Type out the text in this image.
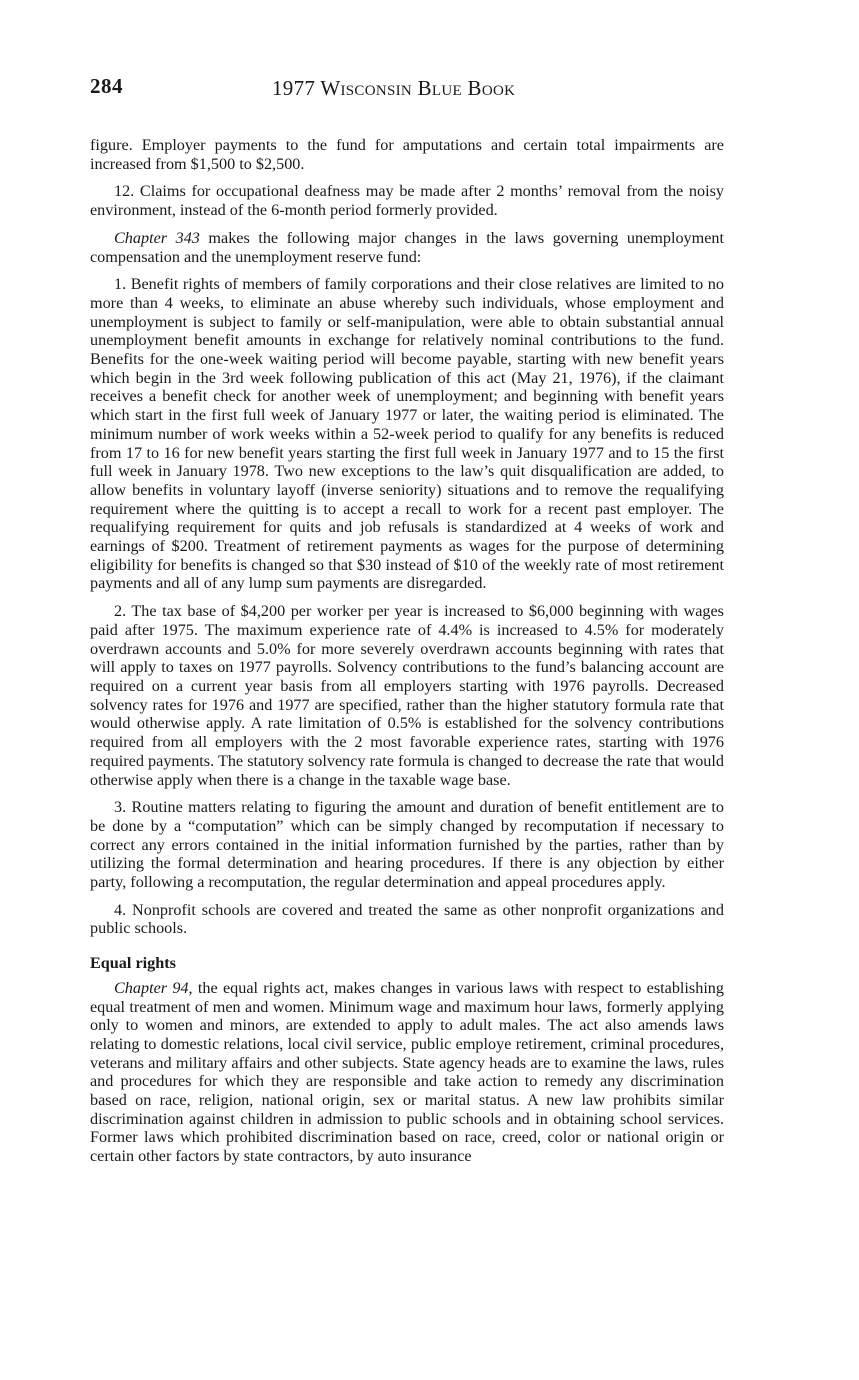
284	1977 Wisconsin Blue Book

figure. Employer payments to the fund for amputations and certain total impairments are increased from $1,500 to $2,500.

12. Claims for occupational deafness may be made after 2 months’ removal from the noisy environment, instead of the 6-month period formerly provided.

Chapter 343 makes the following major changes in the laws governing unemployment compensation and the unemployment reserve fund:

1. Benefit rights of members of family corporations and their close relatives are limited to no more than 4 weeks, to eliminate an abuse whereby such individuals, whose employment and unemployment is subject to family or self-manipulation, were able to obtain substantial annual unemployment benefit amounts in exchange for relatively nominal contributions to the fund. Benefits for the one-week waiting period will become payable, starting with new benefit years which begin in the 3rd week following publication of this act (May 21, 1976), if the claimant receives a benefit check for another week of unemployment; and beginning with benefit years which start in the first full week of January 1977 or later, the waiting period is eliminated. The minimum number of work weeks within a 52-week period to qualify for any benefits is reduced from 17 to 16 for new benefit years starting the first full week in January 1977 and to 15 the first full week in January 1978. Two new exceptions to the law’s quit disqualification are added, to allow benefits in voluntary layoff (inverse seniority) situations and to remove the requalifying requirement where the quitting is to accept a recall to work for a recent past employer. The requalifying requirement for quits and job refusals is standardized at 4 weeks of work and earnings of $200. Treatment of retirement payments as wages for the purpose of determining eligibility for benefits is changed so that $30 instead of $10 of the weekly rate of most retirement payments and all of any lump sum payments are disregarded.

2. The tax base of $4,200 per worker per year is increased to $6,000 beginning with wages paid after 1975. The maximum experience rate of 4.4% is increased to 4.5% for moderately overdrawn accounts and 5.0% for more severely overdrawn accounts beginning with rates that will apply to taxes on 1977 payrolls. Solvency contributions to the fund’s balancing account are required on a current year basis from all employers starting with 1976 payrolls. Decreased solvency rates for 1976 and 1977 are specified, rather than the higher statutory formula rate that would otherwise apply. A rate limitation of 0.5% is established for the solvency contributions required from all employers with the 2 most favorable experience rates, starting with 1976 required payments. The statutory solvency rate formula is changed to decrease the rate that would otherwise apply when there is a change in the taxable wage base.

3. Routine matters relating to figuring the amount and duration of benefit entitlement are to be done by a “computation” which can be simply changed by recomputation if necessary to correct any errors contained in the initial information furnished by the parties, rather than by utilizing the formal determination and hearing procedures. If there is any objection by either party, following a recomputation, the regular determination and appeal procedures apply.

4. Nonprofit schools are covered and treated the same as other nonprofit organizations and public schools.

Equal rights

Chapter 94, the equal rights act, makes changes in various laws with respect to establishing equal treatment of men and women. Minimum wage and maximum hour laws, formerly applying only to women and minors, are extended to apply to adult males. The act also amends laws relating to domestic relations, local civil service, public employe retirement, criminal procedures, veterans and military affairs and other subjects. State agency heads are to examine the laws, rules and procedures for which they are responsible and take action to remedy any discrimination based on race, religion, national origin, sex or marital status. A new law prohibits similar discrimination against children in admission to public schools and in obtaining school services. Former laws which prohibited discrimination based on race, creed, color or national origin or certain other factors by state contractors, by auto insurance
